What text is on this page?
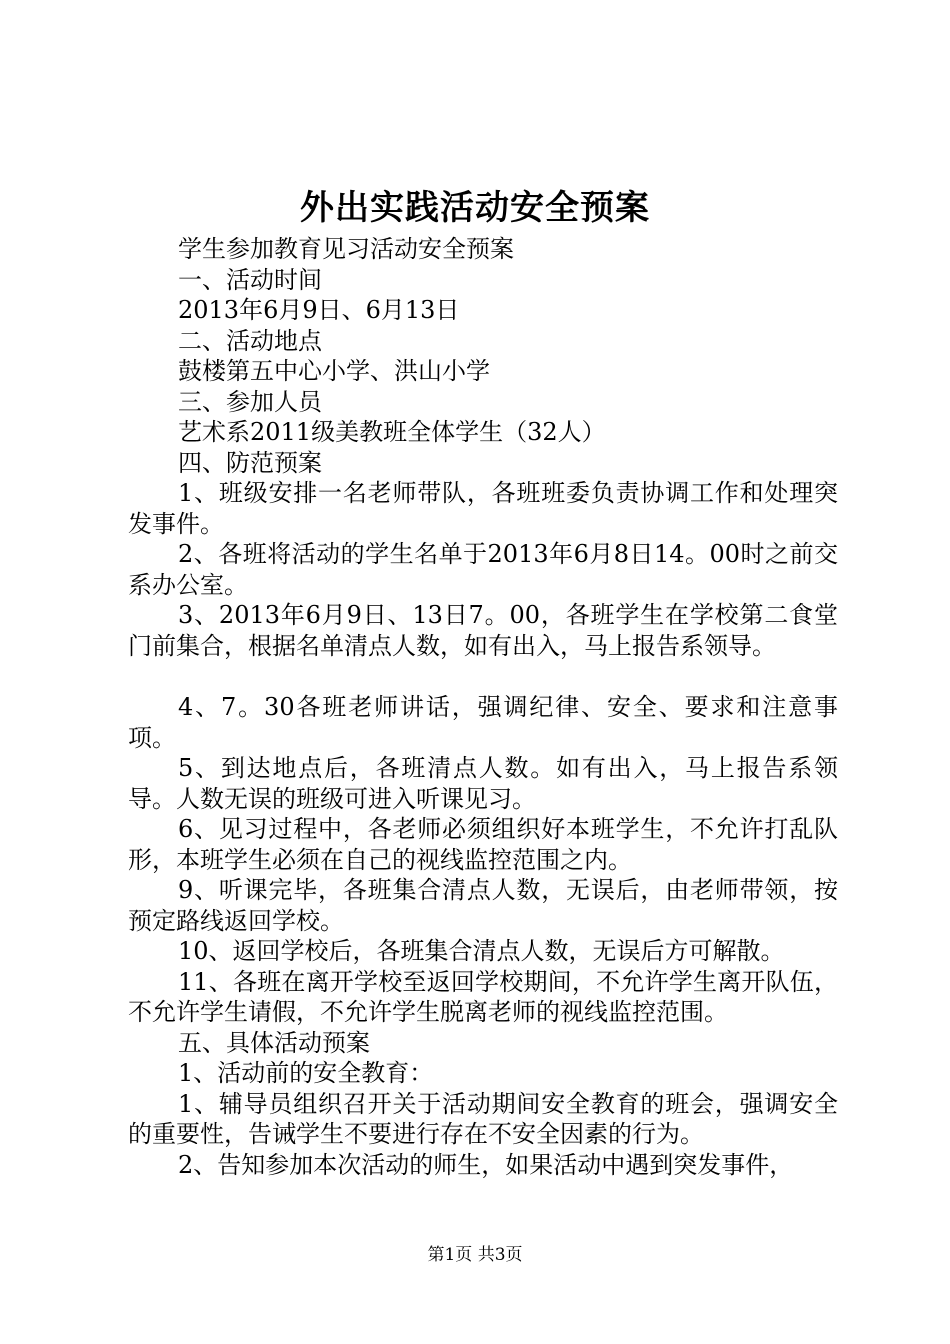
外出实践活动安全预案

学生参加教育见习活动安全预案

一、活动时间

2013年6月9日、6月13日

二、活动地点

鼓楼第五中心小学、洪山小学

三、参加人员

艺术系2011级美教班全体学生（32人）

四、防范预案

1、班级安排一名老师带队，各班班委负责协调工作和处理突发事件。

2、各班将活动的学生名单于2013年6月8日14。00时之前交系办公室。

3、2013年6月9日、13日7。00，各班学生在学校第二食堂门前集合，根据名单清点人数，如有出入，马上报告系领导。

4、7。30各班老师讲话，强调纪律、安全、要求和注意事项。

5、到达地点后，各班清点人数。如有出入，马上报告系领导。人数无误的班级可进入听课见习。

6、见习过程中，各老师必须组织好本班学生，不允许打乱队形，本班学生必须在自己的视线监控范围之内。

9、听课完毕，各班集合清点人数，无误后，由老师带领，按预定路线返回学校。

10、返回学校后，各班集合清点人数，无误后方可解散。

11、各班在离开学校至返回学校期间，不允许学生离开队伍，不允许学生请假，不允许学生脱离老师的视线监控范围。

五、具体活动预案

1、活动前的安全教育：

1、辅导员组织召开关于活动期间安全教育的班会，强调安全的重要性，告诫学生不要进行存在不安全因素的行为。

2、告知参加本次活动的师生，如果活动中遇到突发事件，

第1页 共3页
